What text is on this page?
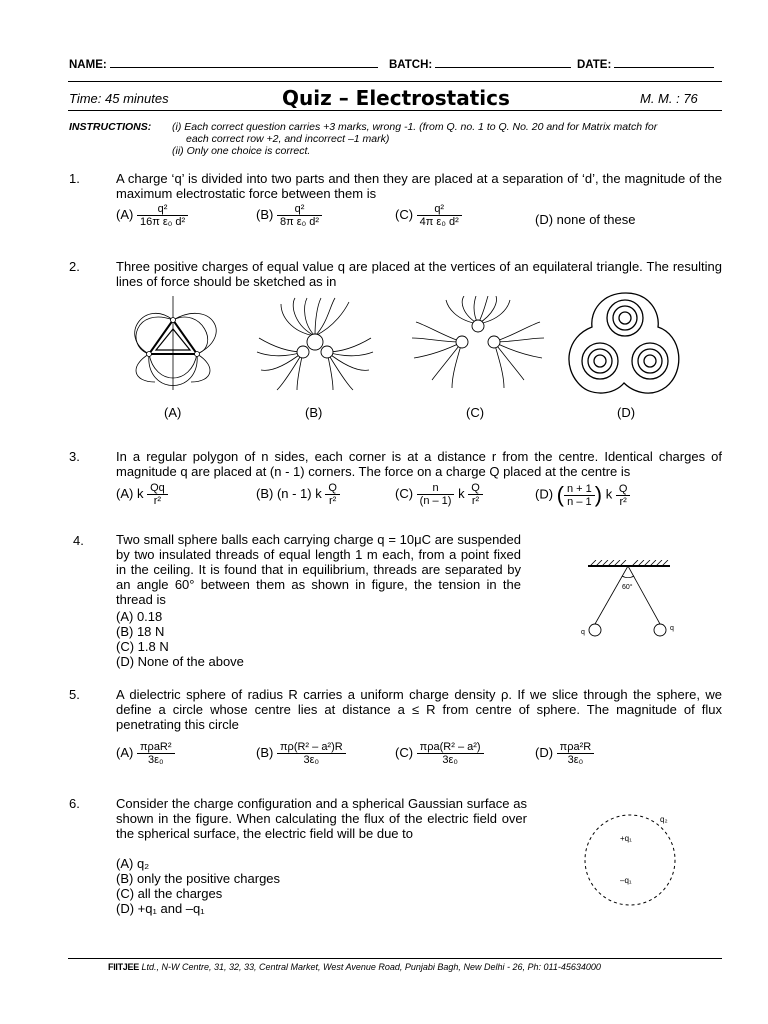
NAME:	BATCH:	DATE:
Time: 45 minutes	Quiz – Electrostatics	M. M. : 76
INSTRUCTIONS: (i) Each correct question carries +3 marks, wrong -1. (from Q. no. 1 to Q. No. 20 and for Matrix match for
each correct row +2, and incorrect –1 mark)
(ii) Only one choice is correct.
1.	A charge ‘q’ is divided into two parts and then they are placed at a separation of ‘d’, the magnitude of the maximum electrostatic force between them is
$(A) \frac{\text{q²}}{\text{16π ε₀ d²}}$	$(B) \frac{\text{q²}}{\text{8π ε₀ d²}}$	$(C) \frac{\text{q²}}{\text{4π ε₀ d²}}$	(D) none of these
2.	Three positive charges of equal value q are placed at the vertices of an equilateral triangle. The resulting lines of force should be sketched as in
(A)	(B)	(C)	(D)
3.	In a regular polygon of n sides, each corner is at a distance r from the centre. Identical charges of magnitude q are placed at (n - 1) corners. The force on a charge Q placed at the centre is
(A) k $\frac{Qq}{\text{r²}}$	(B) (n - 1) k $\frac{Q}{\text{r²}}$	$(C) \frac{n}{(n - 1)}$ k $\frac{Q}{\text{r²}}$	(D) ( $\frac{n + 1}{n - 1}$ ) k $\frac{Q}{\text{r²}}$
4. Two small sphere balls each carrying charge q = 10μC are suspended by two insulated threads of equal length 1 m each, from a point fixed in the ceiling. It is found that in equilibrium, threads are separated by an angle 60° between them as shown in figure, the tension in the thread is
(A) 0.18
(B) 18 N
(C) 1.8 N
(D) None of the above
60°
q
q
5.	A dielectric sphere of radius R carries a uniform charge density ρ. If we slice through the sphere, we define a circle whose centre lies at distance a ≤ R from centre of sphere. The magnitude of flux penetrating this circle
$(A) \frac{\text{πρaR²}}{\text{3ε₀}}$	$(B) \frac{\text{πρ(R² – a²)R}}{\text{3ε₀}}$	$(C) \frac{\text{πρa(R² – a²)}}{\text{3ε₀}}$	$(D) \frac{\text{πρa²R}}{\text{3ε₀}}$
6.	Consider the charge configuration and a spherical Gaussian surface as shown in the figure. When calculating the flux of the electric field over the spherical surface, the electric field will be due to
(A) q₂
(B) only the positive charges
(C) all the charges
(D) +q₁ and –q₁
q₂
+q₁
–q₁
FIITJEE Ltd., N-W Centre, 31, 32, 33, Central Market, West Avenue Road, Punjabi Bagh, New Delhi - 26, Ph: 011-45634000
